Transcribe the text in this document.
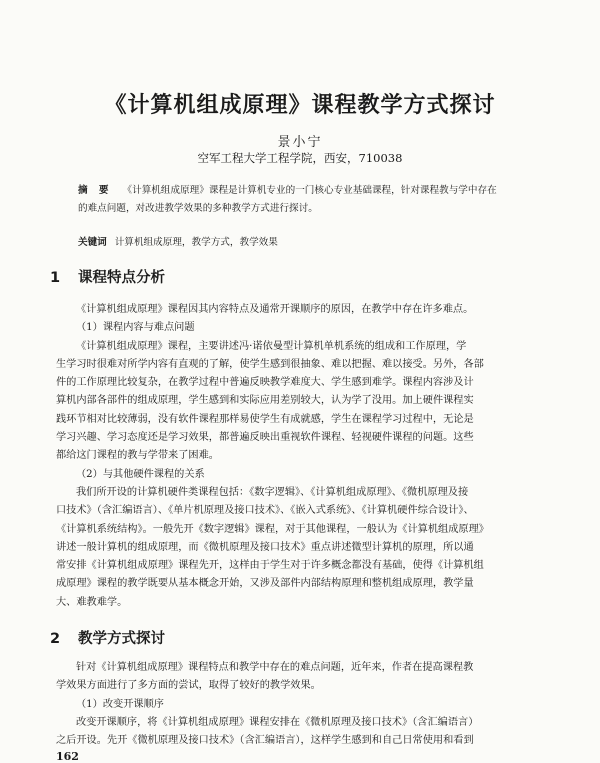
《计算机组成原理》课程教学方式探讨
景小宁
空军工程大学工程学院，西安，710038
摘 要 《计算机组成原理》课程是计算机专业的一门核心专业基础课程，针对课程教与学中存在
的难点问题，对改进教学效果的多种教学方式进行探讨。
关键词 计算机组成原理，教学方式，教学效果
1 课程特点分析
《计算机组成原理》课程因其内容特点及通常开课顺序的原因，在教学中存在许多难点。
（1）课程内容与难点问题
《计算机组成原理》课程，主要讲述冯·诺依曼型计算机单机系统的组成和工作原理，学
生学习时很难对所学内容有直观的了解，使学生感到很抽象、难以把握、难以接受。另外，各部
件的工作原理比较复杂，在教学过程中普遍反映教学难度大、学生感到难学。课程内容涉及计
算机内部各部件的组成原理，学生感到和实际应用差别较大，认为学了没用。加上硬件课程实
践环节相对比较薄弱，没有软件课程那样易使学生有成就感，学生在课程学习过程中，无论是
学习兴趣、学习态度还是学习效果，都普遍反映出重视软件课程、轻视硬件课程的问题。这些
都给这门课程的教与学带来了困难。
（2）与其他硬件课程的关系
我们所开设的计算机硬件类课程包括：《数字逻辑》、《计算机组成原理》、《微机原理及接
口技术》（含汇编语言）、《单片机原理及接口技术》、《嵌入式系统》、《计算机硬件综合设计》、
《计算机系统结构》。一般先开《数字逻辑》课程，对于其他课程，一般认为《计算机组成原理》
讲述一般计算机的组成原理，而《微机原理及接口技术》重点讲述微型计算机的原理，所以通
常安排《计算机组成原理》课程先开，这样由于学生对于许多概念都没有基础，使得《计算机组
成原理》课程的教学既要从基本概念开始，又涉及部件内部结构原理和整机组成原理，教学量
大、难教难学。
2 教学方式探讨
针对《计算机组成原理》课程特点和教学中存在的难点问题，近年来，作者在提高课程教
学效果方面进行了多方面的尝试，取得了较好的教学效果。
（1）改变开课顺序
改变开课顺序，将《计算机组成原理》课程安排在《微机原理及接口技术》（含汇编语言）
之后开设。先开《微机原理及接口技术》（含汇编语言），这样学生感到和自己日常使用和看到
162
